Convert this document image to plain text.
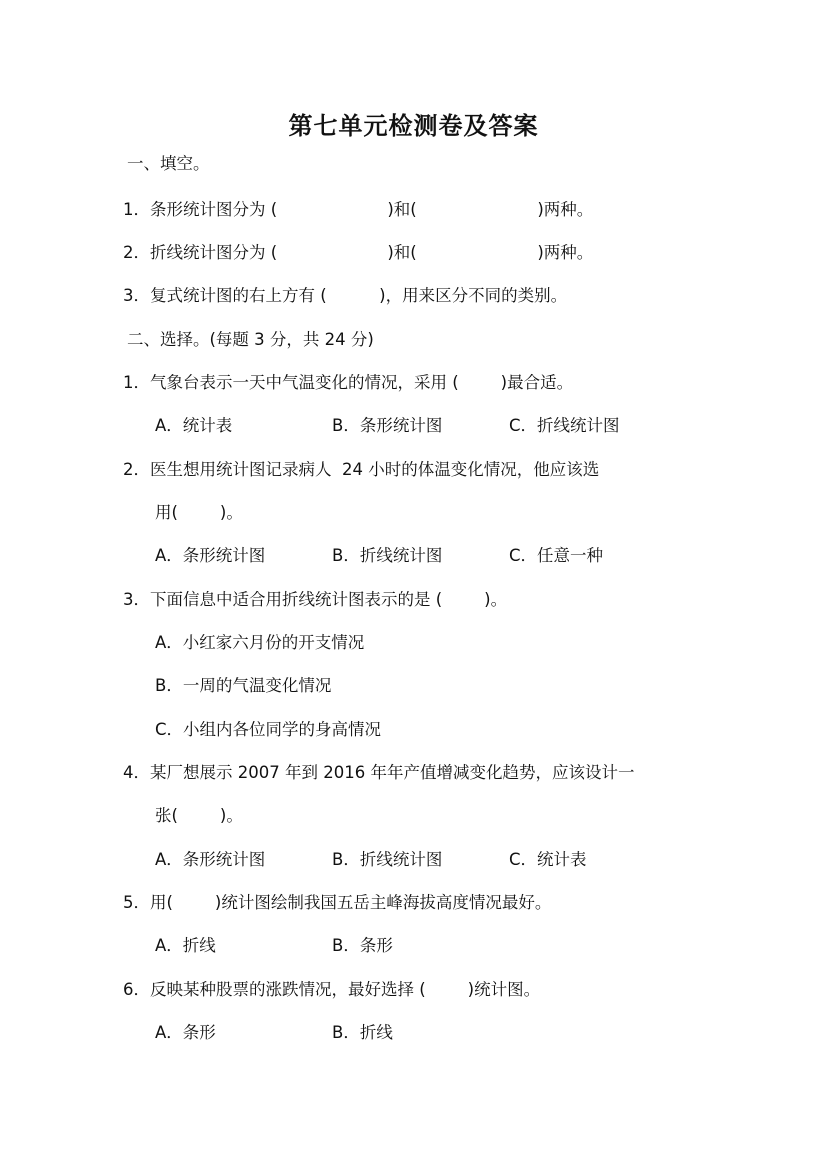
第七单元检测卷及答案
一、填空。
1．条形统计图分为 (                     )和(                       )两种。
2．折线统计图分为 (                     )和(                       )两种。
3．复式统计图的右上方有 (          )，用来区分不同的类别。
二、选择。(每题 3 分，共 24 分)
1．气象台表示一天中气温变化的情况，采用 (        )最合适。
A．统计表	B．条形统计图	C．折线统计图
2．医生想用统计图记录病人  24 小时的体温变化情况，他应该选
用(        )。
A．条形统计图	B．折线统计图	C．任意一种
3．下面信息中适合用折线统计图表示的是 (        )。
A．小红家六月份的开支情况
B．一周的气温变化情况
C．小组内各位同学的身高情况
4．某厂想展示 2007 年到 2016 年年产值增减变化趋势，应该设计一
张(        )。
A．条形统计图	B．折线统计图	C．统计表
5．用(        )统计图绘制我国五岳主峰海拔高度情况最好。
A．折线	B．条形
6．反映某种股票的涨跌情况，最好选择 (        )统计图。
A．条形	B．折线
